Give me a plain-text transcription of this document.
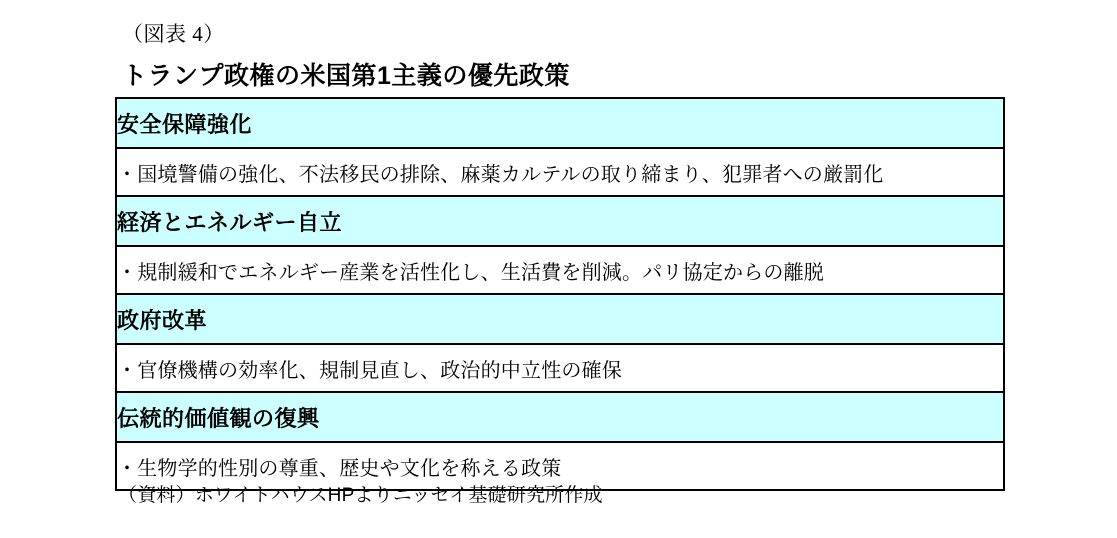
（図表 4）
トランプ政権の米国第1主義の優先政策
安全保障強化
・国境警備の強化、不法移民の排除、麻薬カルテルの取り締まり、犯罪者への厳罰化
経済とエネルギー自立
・規制緩和でエネルギー産業を活性化し、生活費を削減。パリ協定からの離脱
政府改革
・官僚機構の効率化、規制見直し、政治的中立性の確保
伝統的価値観の復興
・生物学的性別の尊重、歴史や文化を称える政策
（資料）ホワイトハウスHPよりニッセイ基礎研究所作成
